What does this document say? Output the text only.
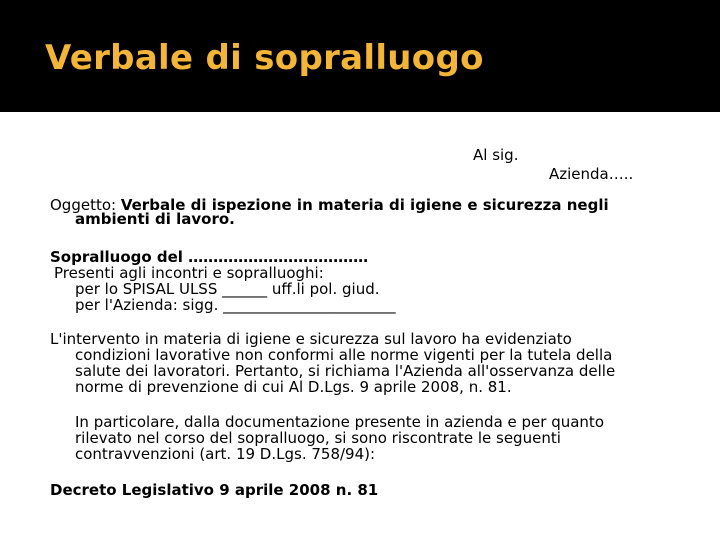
Verbale di sopralluogo
Al sig.
Azienda…..
Oggetto: Verbale di ispezione in materia di igiene e sicurezza negli
ambienti di lavoro.
Sopralluogo del ………………………………
Presenti agli incontri e sopralluoghi:
per lo SPISAL ULSS ______ uff.li pol. giud.
per l'Azienda: sigg. _______________________
L'intervento in materia di igiene e sicurezza sul lavoro ha evidenziato
condizioni lavorative non conformi alle norme vigenti per la tutela della
salute dei lavoratori. Pertanto, si richiama l'Azienda all'osservanza delle
norme di prevenzione di cui Al D.Lgs. 9 aprile 2008, n. 81.
In particolare, dalla documentazione presente in azienda e per quanto
rilevato nel corso del sopralluogo, si sono riscontrate le seguenti
contravvenzioni (art. 19 D.Lgs. 758/94):
Decreto Legislativo 9 aprile 2008 n. 81
